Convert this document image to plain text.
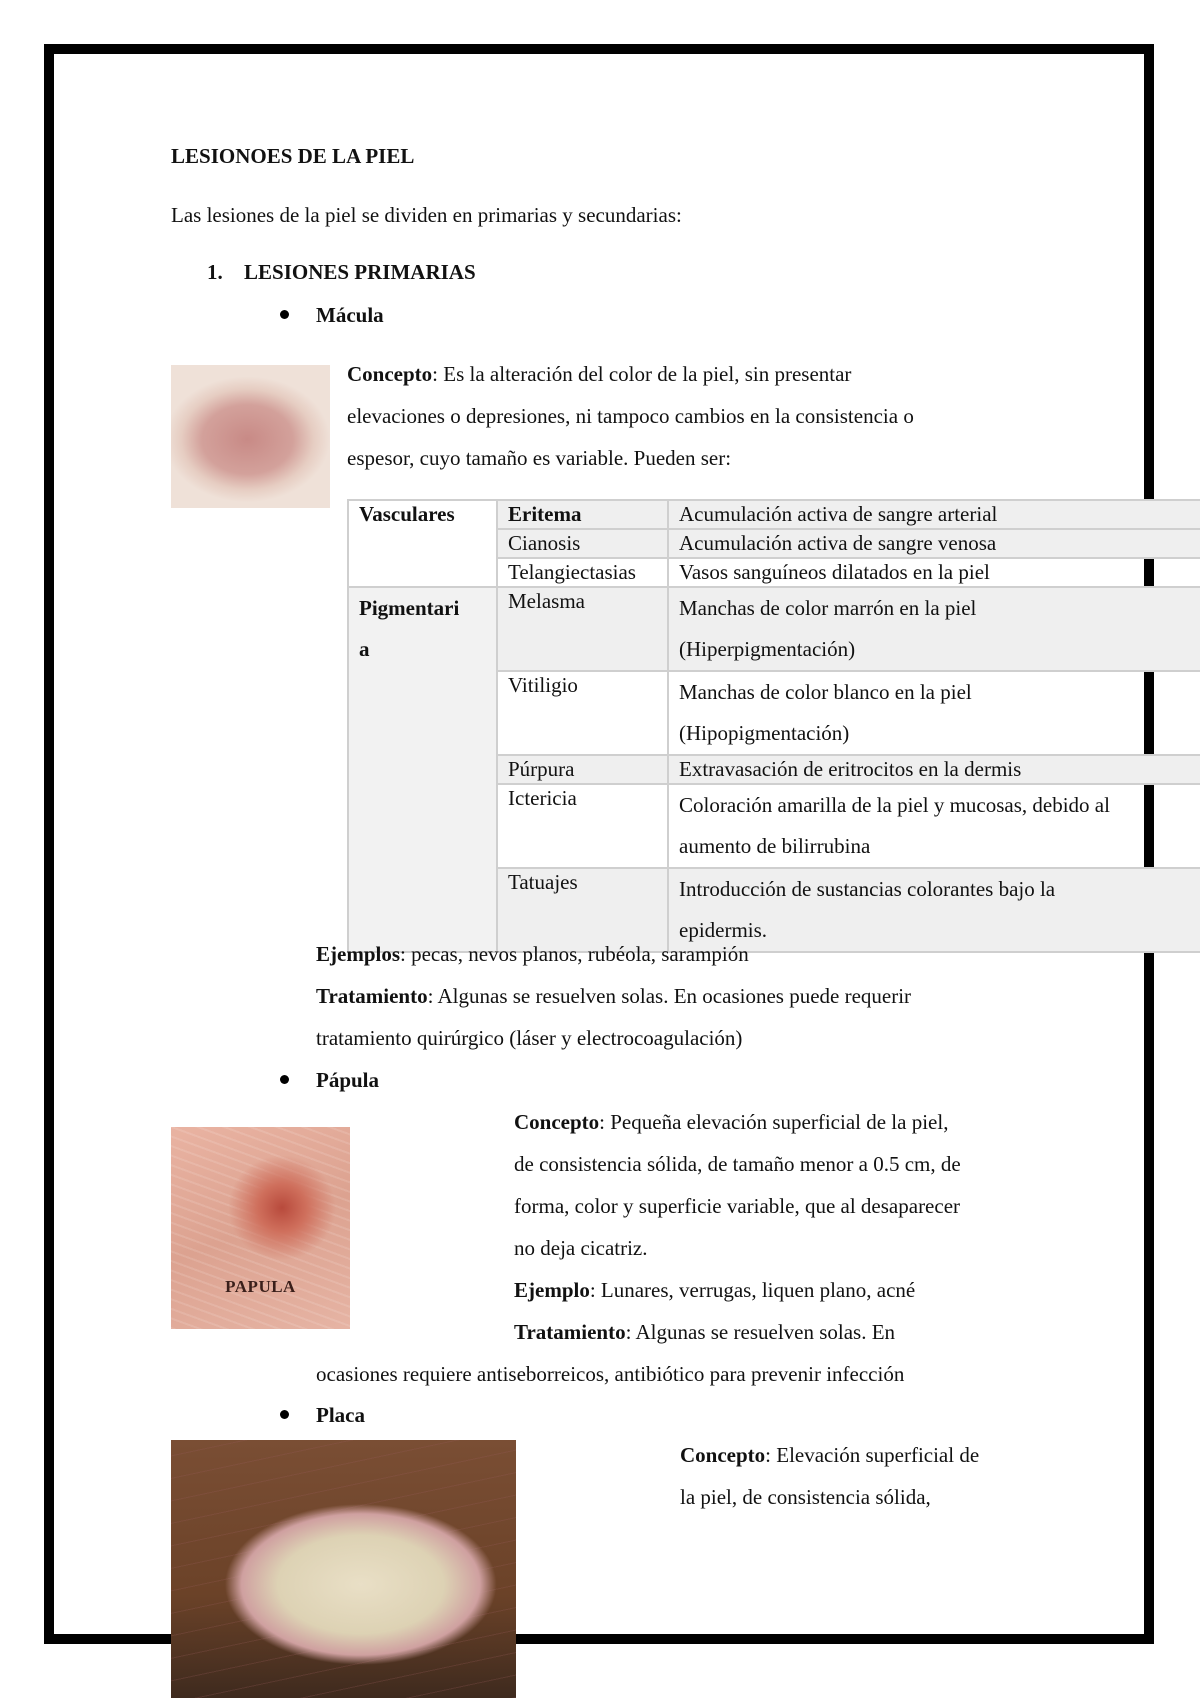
LESIONOES DE LA PIEL
Las lesiones de la piel se dividen en primarias y secundarias:
1. LESIONES PRIMARIAS
Mácula
Concepto: Es la alteración del color de la piel, sin presentar
elevaciones o depresiones, ni tampoco cambios en la consistencia o
espesor, cuyo tamaño es variable. Pueden ser:
Vasculares	Eritema	Acumulación activa de sangre arterial
	Cianosis	Acumulación activa de sangre venosa
	Telangiectasias	Vasos sanguíneos dilatados en la piel
Pigmentari
a	Melasma	Manchas de color marrón en la piel
(Hiperpigmentación)
	Vitiligio	Manchas de color blanco en la piel
(Hipopigmentación)
	Púrpura	Extravasación de eritrocitos en la dermis
	Ictericia	Coloración amarilla de la piel y mucosas, debido al
aumento de bilirrubina
	Tatuajes	Introducción de sustancias colorantes bajo la
epidermis.
Ejemplos: pecas, nevos planos, rubéola, sarampión
Tratamiento: Algunas se resuelven solas. En ocasiones puede requerir
tratamiento quirúrgico (láser y electrocoagulación)
Pápula
PAPULA
Concepto: Pequeña elevación superficial de la piel,
de consistencia sólida, de tamaño menor a 0.5 cm, de
forma, color y superficie variable, que al desaparecer
no deja cicatriz.
Ejemplo: Lunares, verrugas, liquen plano, acné
Tratamiento: Algunas se resuelven solas. En
ocasiones requiere antiseborreicos, antibiótico para prevenir infección
Placa
Concepto: Elevación superficial de
la piel, de consistencia sólida,
